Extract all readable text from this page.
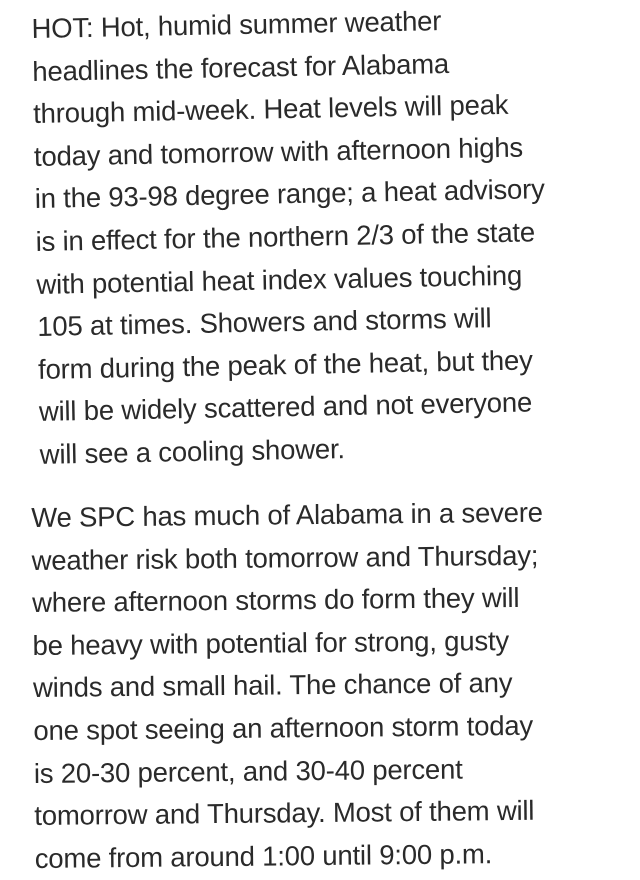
HOT: Hot, humid summer weather
headlines the forecast for Alabama
through mid-week. Heat levels will peak
today and tomorrow with afternoon highs
in the 93-98 degree range; a heat advisory
is in effect for the northern 2/3 of the state
with potential heat index values touching
105 at times. Showers and storms will
form during the peak of the heat, but they
will be widely scattered and not everyone
will see a cooling shower.

We SPC has much of Alabama in a severe
weather risk both tomorrow and Thursday;
where afternoon storms do form they will
be heavy with potential for strong, gusty
winds and small hail. The chance of any
one spot seeing an afternoon storm today
is 20-30 percent, and 30-40 percent
tomorrow and Thursday. Most of them will
come from around 1:00 until 9:00 p.m.
